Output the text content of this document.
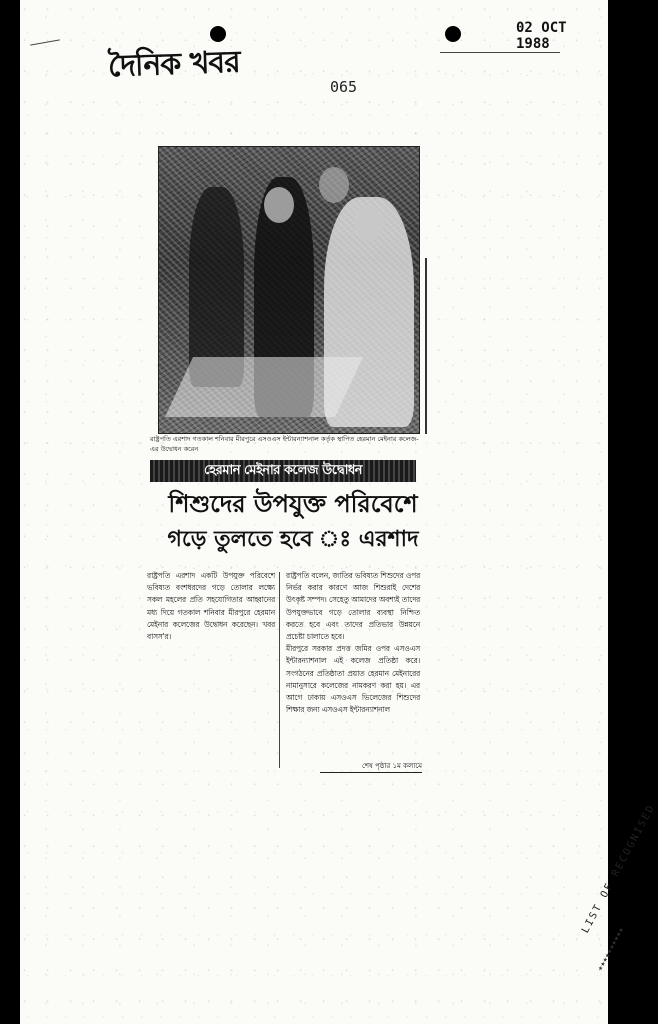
দৈনিক খবর
02 OCT 1988
065
রাষ্ট্রপতি এরশাদ গতকাল শনিবার মীরপুরে এসওএস ইন্টারন্যাশনাল কর্তৃক স্থাপিত হেরমান মেইনার কলেজ-এর উদ্বোধন করেন
হেরমান মেইনার কলেজ উদ্বোধন
শিশুদের উপযুক্ত পরিবেশে
গড়ে তুলতে হবে ঃ এরশাদ
রাষ্ট্রপতি এরশাদ একটি উপযুক্ত পরিবেশে ভবিষ্যত বংশধরদের গড়ে তোলার লক্ষ্যে সকল মহলের প্রতি সহযোগিতার আহ্বানের মধ্য দিয়ে গতকাল শনিবার মীরপুরে হেরমান মেইনার কলেজের উদ্বোধন করেছেন। খবর বাসস'র।
রাষ্ট্রপতি বলেন, জাতির ভবিষ্যত শিশুদের ওপর নির্ভর করার কারণে আজ শিশুরাই দেশের উৎকৃষ্ট সম্পদ। সেহেতু আমাদের অবশ্যই তাদের উপযুক্তভাবে গড়ে তোলার ব্যবস্থা নিশ্চিত করতে হবে এবং তাদের প্রতিভার উন্নয়নে প্রচেষ্টা চালাতে হবে।
মীরপুরে সরকার প্রদত্ত জমির ওপর এসওএস ইন্টারন্যাশনাল এই কলেজ প্রতিষ্ঠা করে। সংগঠনের প্রতিষ্ঠাতা প্রয়াত হেরমান মেইনারের নামানুসারে কলেজের নামকরণ করা হয়। এর আগে ঢাকায় এসওএস ভিলেজের শিশুদের শিক্ষার জন্য এসওএস ইন্টারন্যাশনাল
শেষ পৃষ্ঠার ১ম কলামে
LIST OF RECOGNISED
★★★★★★★★★★
